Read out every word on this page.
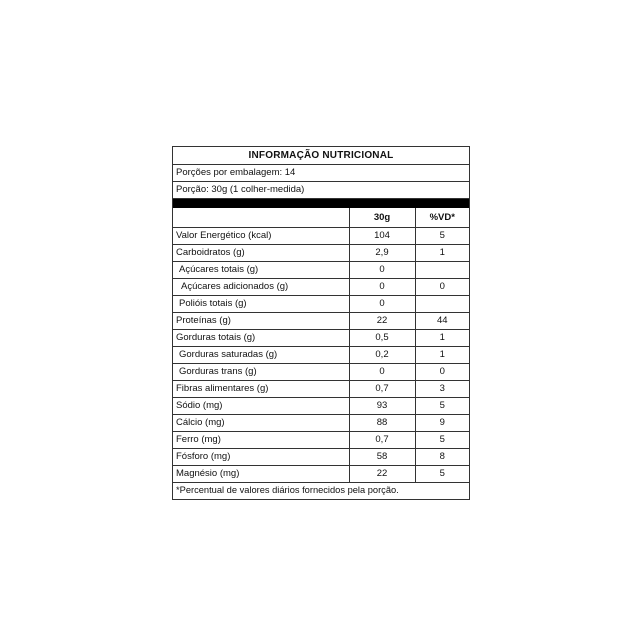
INFORMAÇÃO NUTRICIONAL
Porções por embalagem: 14
Porção: 30g (1 colher-medida)
	30g	%VD*
Valor Energético (kcal)	104	5
Carboidratos (g)	2,9	1
Açúcares totais (g)	0	
Açúcares adicionados (g)	0	0
Polióis totais (g)	0	
Proteínas (g)	22	44
Gorduras totais (g)	0,5	1
Gorduras saturadas (g)	0,2	1
Gorduras trans (g)	0	0
Fibras alimentares (g)	0,7	3
Sódio (mg)	93	5
Cálcio (mg)	88	9
Ferro (mg)	0,7	5
Fósforo (mg)	58	8
Magnésio (mg)	22	5
*Percentual de valores diários fornecidos pela porção.
